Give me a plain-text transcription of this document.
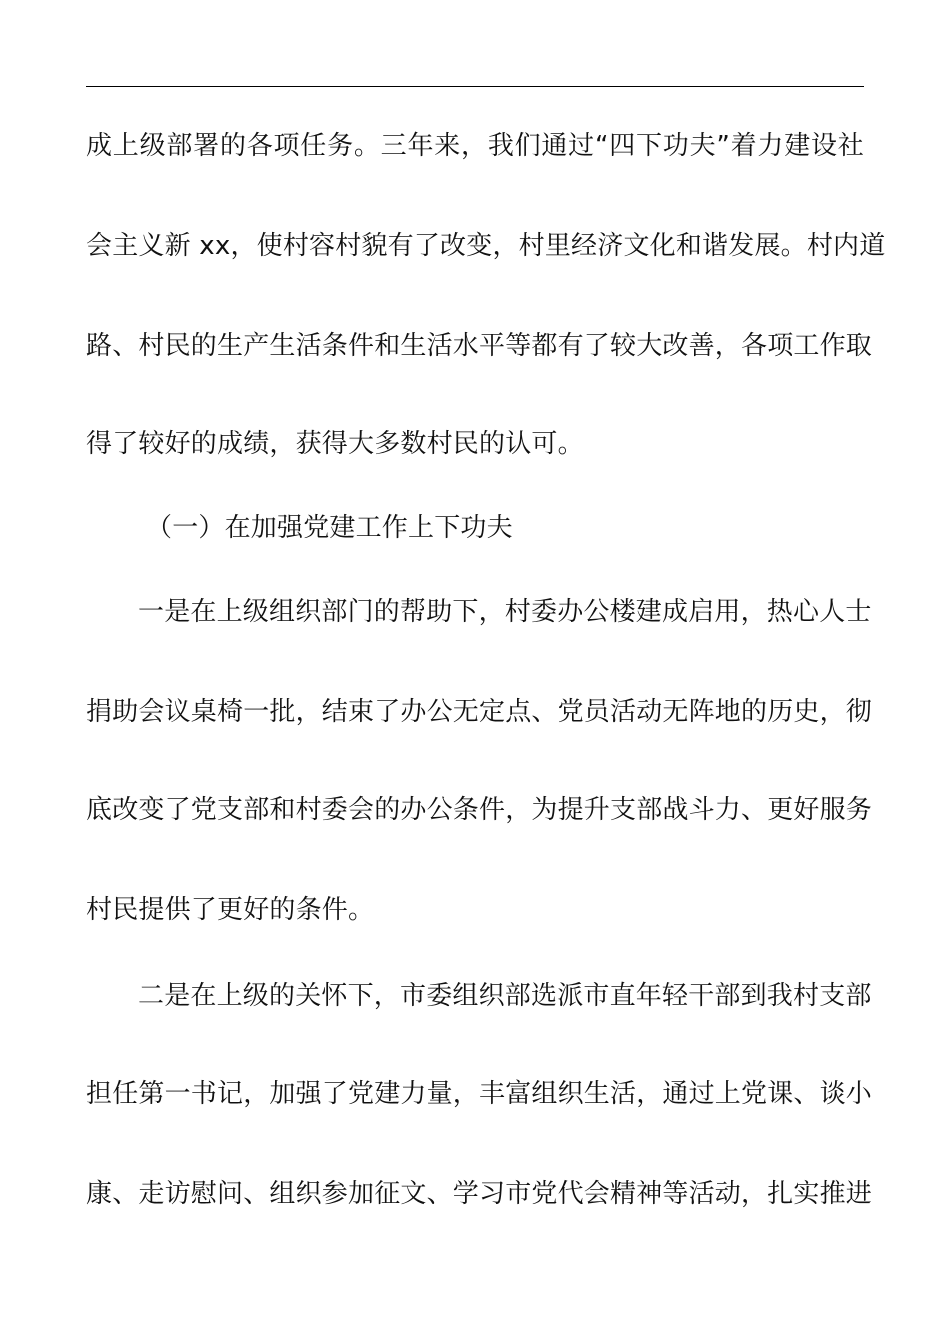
成上级部署的各项任务。三年来，我们通过“四下功夫”着力建设社
会主义新 xx，使村容村貌有了改变，村里经济文化和谐发展。村内道
路、村民的生产生活条件和生活水平等都有了较大改善，各项工作取
得了较好的成绩，获得大多数村民的认可。
（一）在加强党建工作上下功夫
一是在上级组织部门的帮助下，村委办公楼建成启用，热心人士
捐助会议桌椅一批，结束了办公无定点、党员活动无阵地的历史，彻
底改变了党支部和村委会的办公条件，为提升支部战斗力、更好服务
村民提供了更好的条件。
二是在上级的关怀下，市委组织部选派市直年轻干部到我村支部
担任第一书记，加强了党建力量，丰富组织生活，通过上党课、谈小
康、走访慰问、组织参加征文、学习市党代会精神等活动，扎实推进
